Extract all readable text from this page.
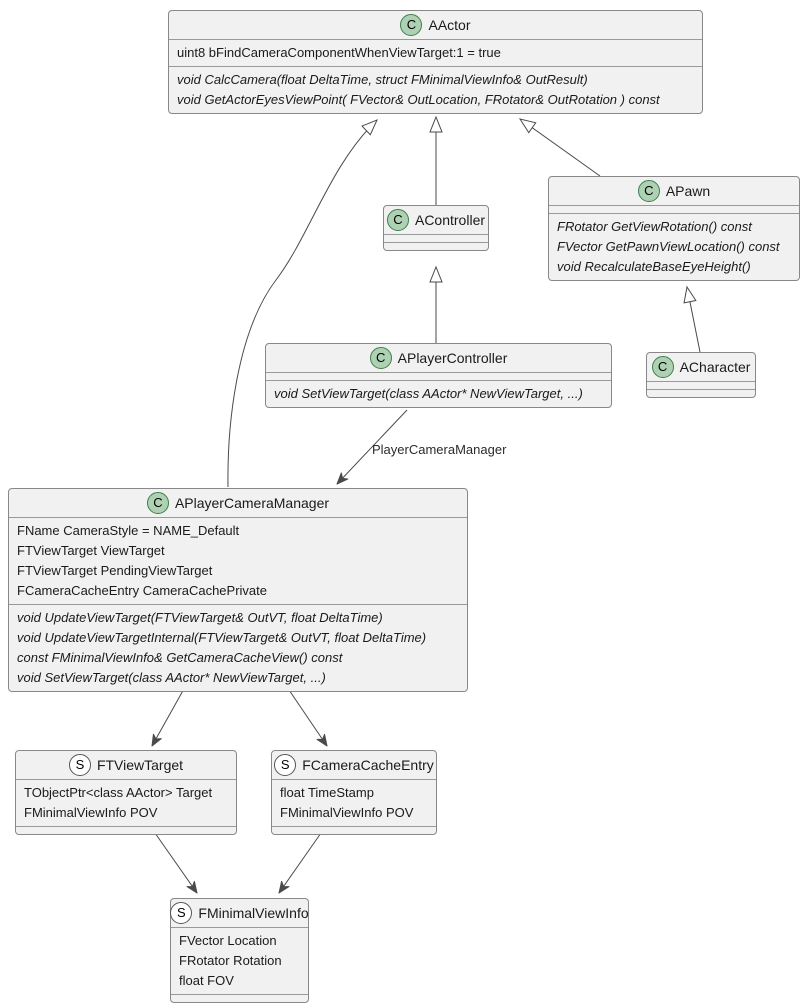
PlayerCameraManager
C AActor
uint8 bFindCameraComponentWhenViewTarget:1 = true
void CalcCamera(float DeltaTime, struct FMinimalViewInfo& OutResult)
void GetActorEyesViewPoint( FVector& OutLocation, FRotator& OutRotation ) const
C AController
C APawn
FRotator GetViewRotation() const
FVector GetPawnViewLocation() const
void RecalculateBaseEyeHeight()
C APlayerController
void SetViewTarget(class AActor* NewViewTarget, ...)
C ACharacter
C APlayerCameraManager
FName CameraStyle = NAME_Default
FTViewTarget ViewTarget
FTViewTarget PendingViewTarget
FCameraCacheEntry CameraCachePrivate
void UpdateViewTarget(FTViewTarget& OutVT, float DeltaTime)
void UpdateViewTargetInternal(FTViewTarget& OutVT, float DeltaTime)
const FMinimalViewInfo& GetCameraCacheView() const
void SetViewTarget(class AActor* NewViewTarget, ...)
S FTViewTarget
TObjectPtr<class AActor> Target
FMinimalViewInfo POV
S FCameraCacheEntry
float TimeStamp
FMinimalViewInfo POV
S FMinimalViewInfo
FVector Location
FRotator Rotation
float FOV
